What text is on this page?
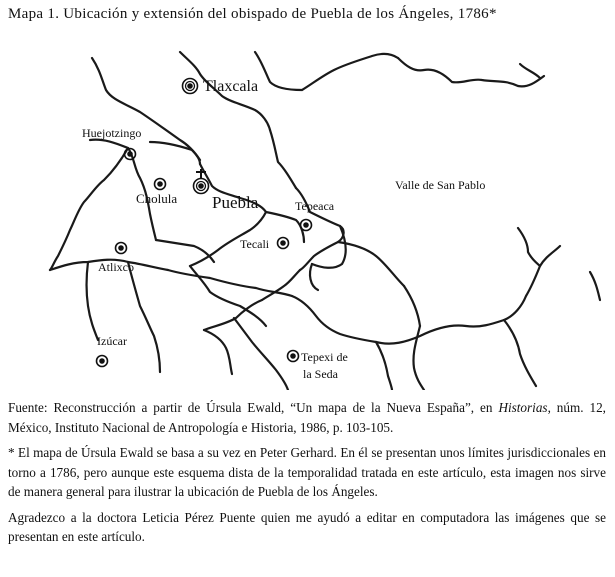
Mapa 1. Ubicación y extensión del obispado de Puebla de los Ángeles, 1786*
Tlaxcala
Huejotzingo
Cholula Puebla	Tepeaca
Valle de San Pablo
Tecali
Atlixco
Izúcar
Tepexi de
la Seda

Fuente: Reconstrucción a partir de Úrsula Ewald, “Un mapa de la Nueva España”, en Historias, núm. 12, México, Instituto Nacional de Antropología e Historia, 1986, p. 103-105.

* El mapa de Úrsula Ewald se basa a su vez en Peter Gerhard. En él se presentan unos límites jurisdiccionales en torno a 1786, pero aunque este esquema dista de la temporalidad tratada en este artículo, esta imagen nos sirve de manera general para ilustrar la ubicación de Puebla de los Ángeles.

Agradezco a la doctora Leticia Pérez Puente quien me ayudó a editar en computadora las imágenes que se presentan en este artículo.
